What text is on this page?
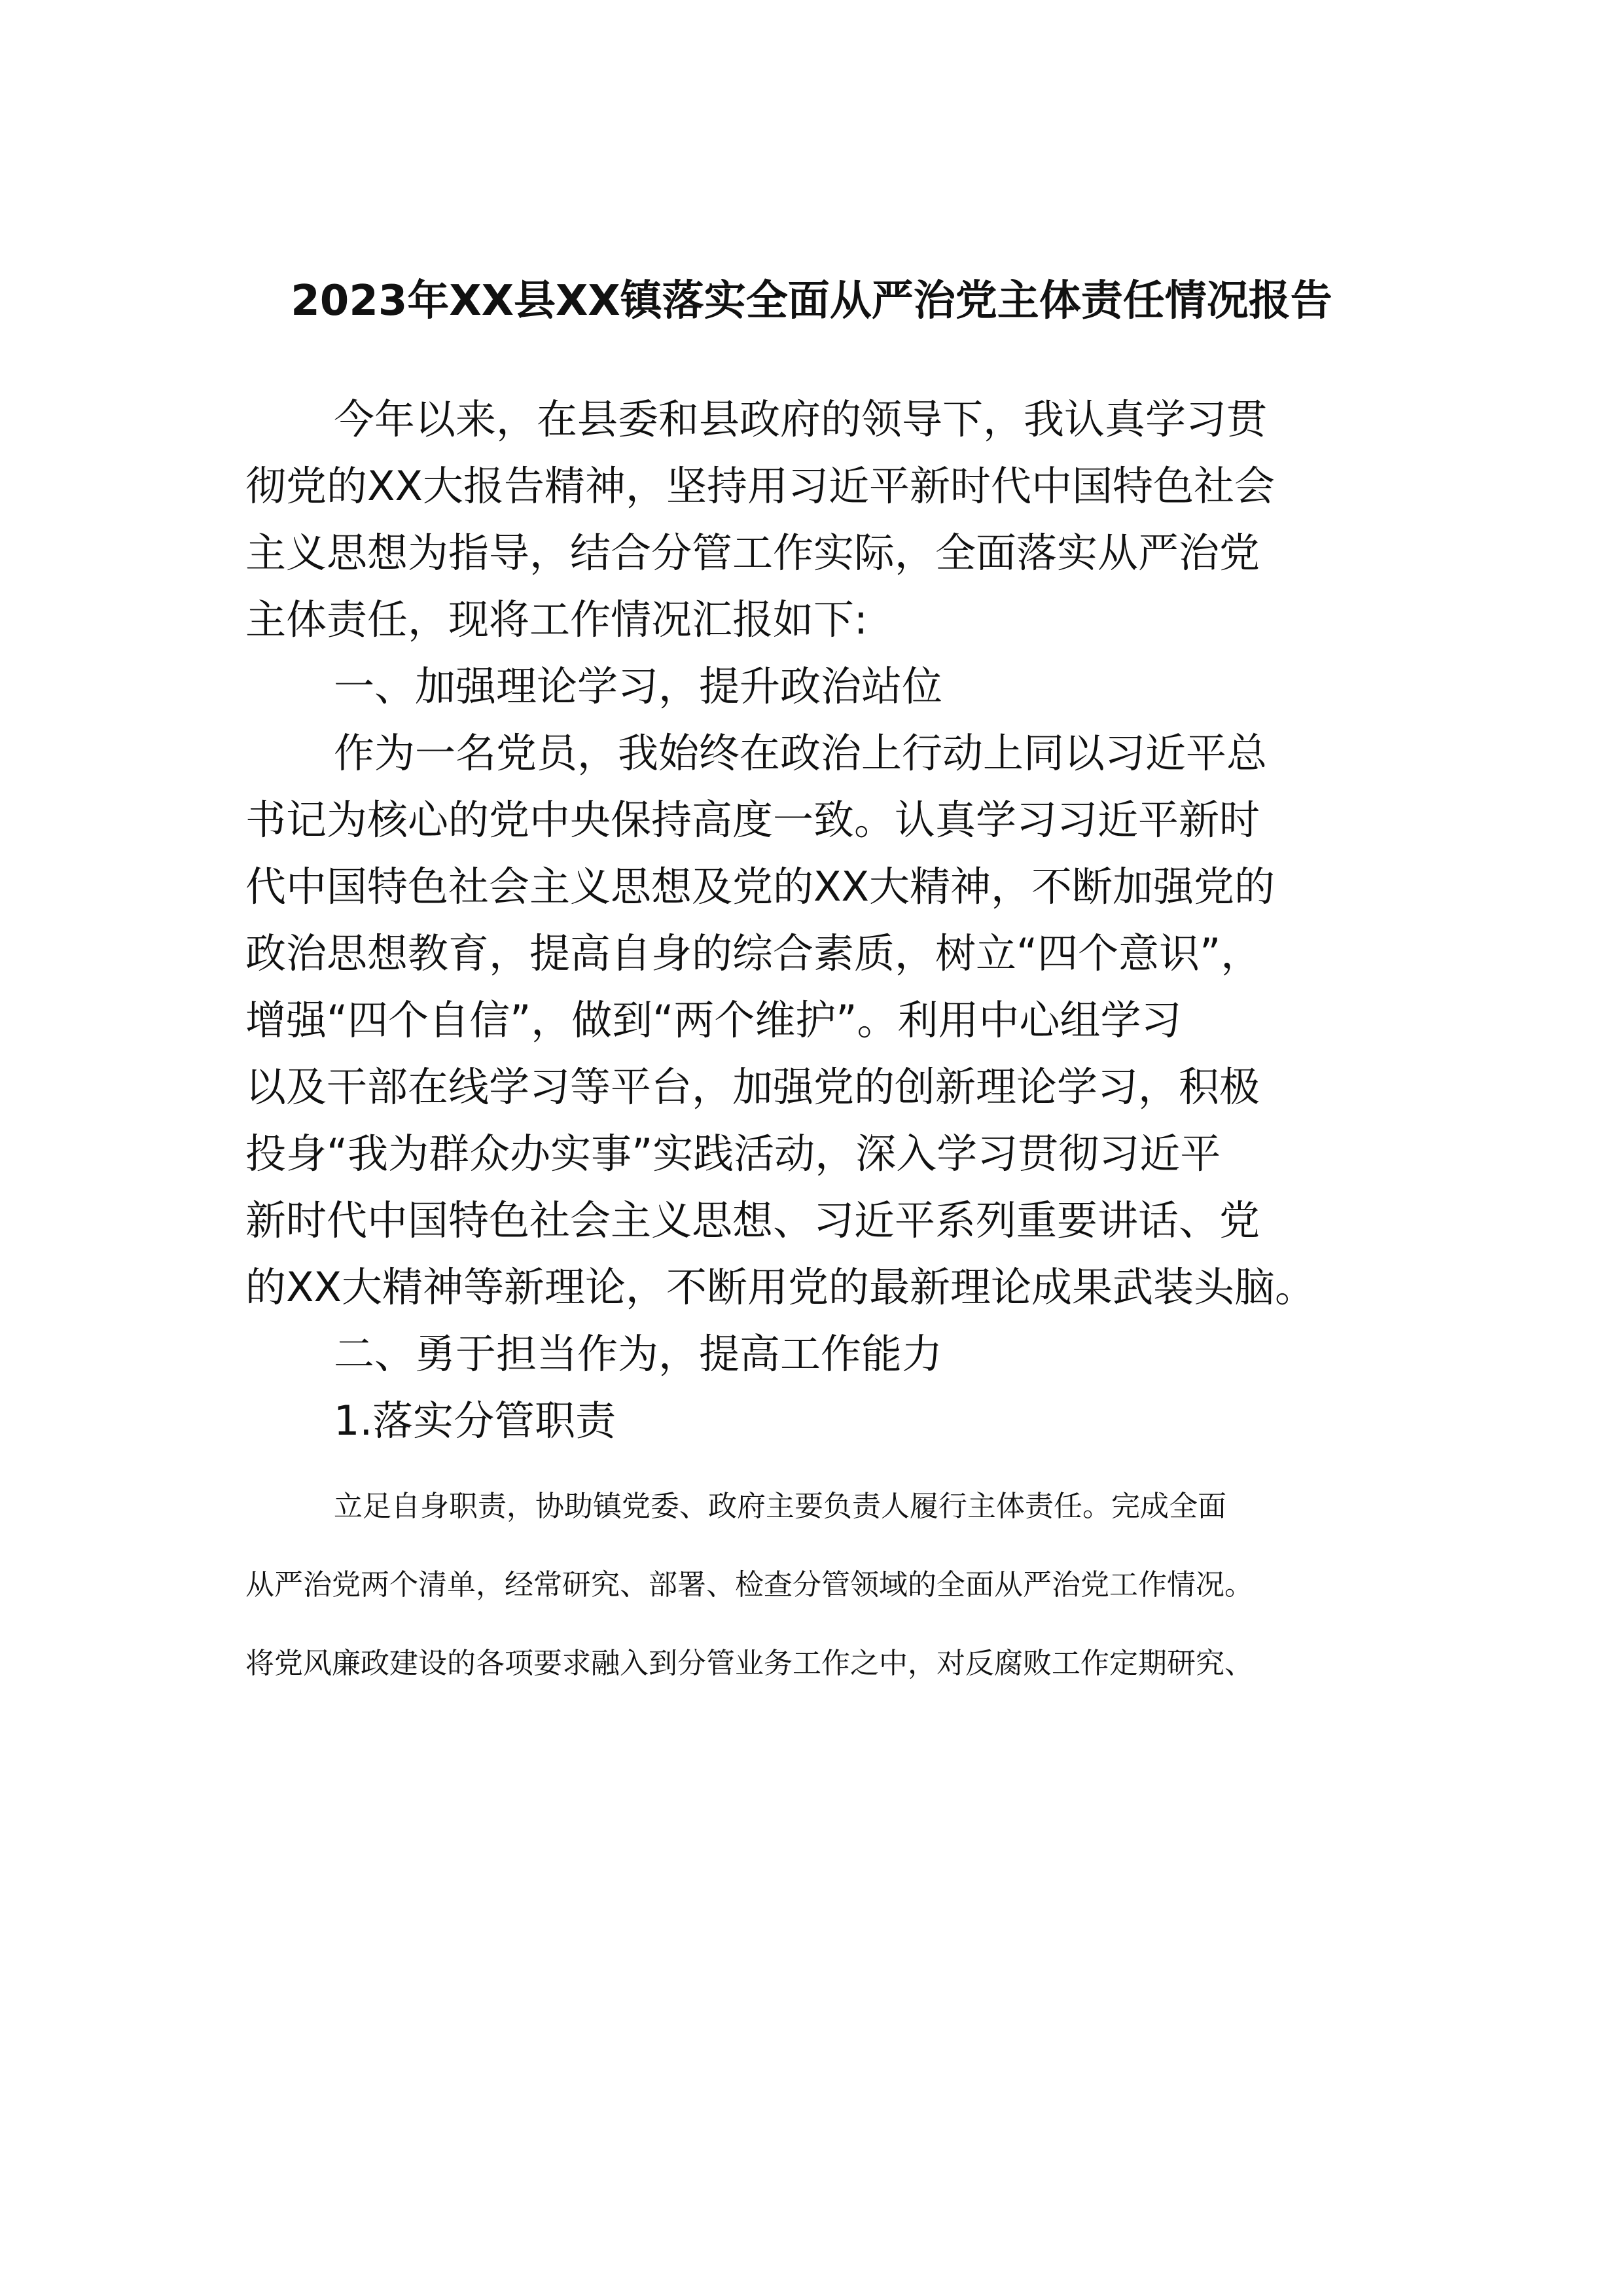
2023年XX县XX镇落实全面从严治党主体责任情况报告
今年以来，在县委和县政府的领导下，我认真学习贯
彻党的XX大报告精神，坚持用习近平新时代中国特色社会
主义思想为指导，结合分管工作实际，全面落实从严治党
主体责任，现将工作情况汇报如下:
一、加强理论学习，提升政治站位
作为一名党员，我始终在政治上行动上同以习近平总
书记为核心的党中央保持高度一致。认真学习习近平新时
代中国特色社会主义思想及党的XX大精神，不断加强党的
政治思想教育，提高自身的综合素质，树立“四个意识”，
增强“四个自信”，做到“两个维护”。利用中心组学习
以及干部在线学习等平台，加强党的创新理论学习，积极
投身“我为群众办实事”实践活动，深入学习贯彻习近平
新时代中国特色社会主义思想、习近平系列重要讲话、党
的XX大精神等新理论，不断用党的最新理论成果武装头脑。
二、勇于担当作为，提高工作能力
1.落实分管职责
立足自身职责，协助镇党委、政府主要负责人履行主体责任。完成全面
从严治党两个清单，经常研究、部署、检查分管领域的全面从严治党工作情况。
将党风廉政建设的各项要求融入到分管业务工作之中，对反腐败工作定期研究、
